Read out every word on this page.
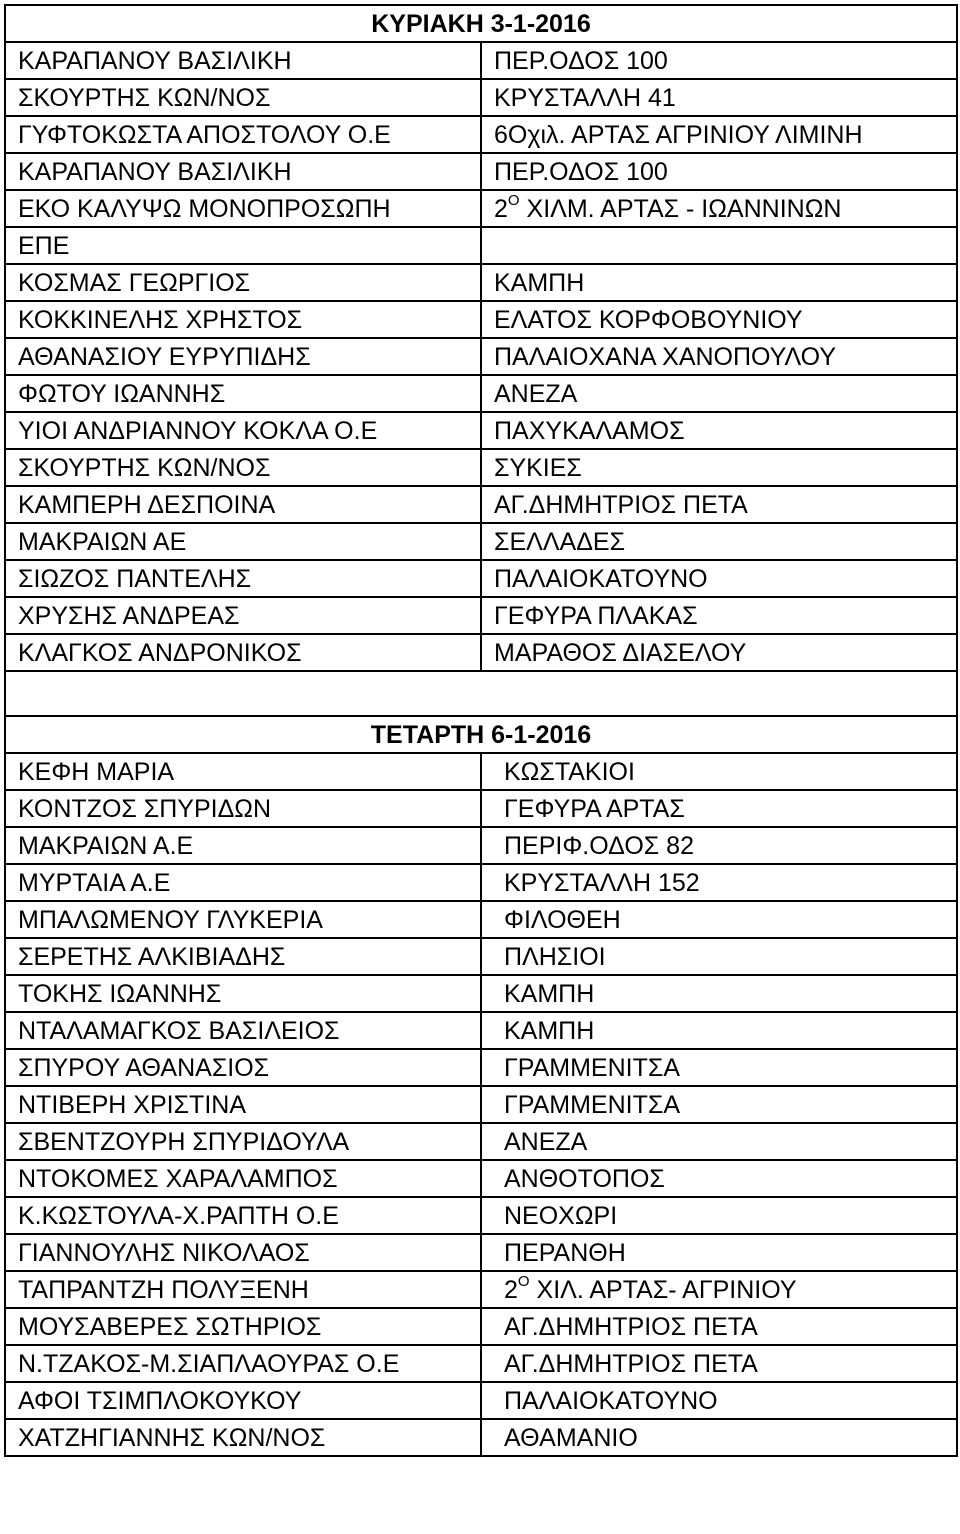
ΚΥΡΙΑΚΗ 3-1-2016	
ΚΑΡΑΠΑΝΟΥ ΒΑΣΙΛΙΚΗ	ΠΕΡ.ΟΔΟΣ 100
ΣΚΟΥΡΤΗΣ ΚΩΝ/ΝΟΣ	ΚΡΥΣΤΑΛΛΗ 41
ΓΥΦΤΟΚΩΣΤΑ ΑΠΟΣΤΟΛΟΥ Ο.Ε	6Οχιλ. ΑΡΤΑΣ ΑΓΡΙΝΙΟΥ ΛΙΜΙΝΗ
ΚΑΡΑΠΑΝΟΥ ΒΑΣΙΛΙΚΗ	ΠΕΡ.ΟΔΟΣ 100
ΕΚΟ ΚΑΛΥΨΩ ΜΟΝΟΠΡΟΣΩΠΗ	$2^O$ ΧΙΛΜ. ΑΡΤΑΣ - ΙΩΑΝΝΙΝΩΝ
ΕΠΕ	
ΚΟΣΜΑΣ ΓΕΩΡΓΙΟΣ	ΚΑΜΠΗ
ΚΟΚΚΙΝΕΛΗΣ ΧΡΗΣΤΟΣ	ΕΛΑΤΟΣ ΚΟΡΦΟΒΟΥΝΙΟΥ
ΑΘΑΝΑΣΙΟΥ ΕΥΡΥΠΙΔΗΣ	ΠΑΛΑΙΟΧΑΝΑ ΧΑΝΟΠΟΥΛΟΥ
ΦΩΤΟΥ ΙΩΑΝΝΗΣ	ΑΝΕΖΑ
ΥΙΟΙ ΑΝΔΡΙΑΝΝΟΥ ΚΟΚΛΑ Ο.Ε	ΠΑΧΥΚΑΛΑΜΟΣ
ΣΚΟΥΡΤΗΣ ΚΩΝ/ΝΟΣ	ΣΥΚΙΕΣ
ΚΑΜΠΕΡΗ ΔΕΣΠΟΙΝΑ	ΑΓ.ΔΗΜΗΤΡΙΟΣ ΠΕΤΑ
ΜΑΚΡΑΙΩΝ ΑΕ	ΣΕΛΛΑΔΕΣ
ΣΙΩΖΟΣ ΠΑΝΤΕΛΗΣ	ΠΑΛΑΙΟΚΑΤΟΥΝΟ
ΧΡΥΣΗΣ ΑΝΔΡΕΑΣ	ΓΕΦΥΡΑ ΠΛΑΚΑΣ
ΚΛΑΓΚΟΣ ΑΝΔΡΟΝΙΚΟΣ	ΜΑΡΑΘΟΣ ΔΙΑΣΕΛΟΥ

ΤΕΤΑΡΤΗ 6-1-2016	
ΚΕΦΗ ΜΑΡΙΑ	ΚΩΣΤΑΚΙΟΙ
ΚΟΝΤΖΟΣ ΣΠΥΡΙΔΩΝ	ΓΕΦΥΡΑ ΑΡΤΑΣ
ΜΑΚΡΑΙΩΝ Α.Ε	ΠΕΡΙΦ.ΟΔΟΣ 82
ΜΥΡΤΑΙΑ Α.Ε	ΚΡΥΣΤΑΛΛΗ 152
ΜΠΑΛΩΜΕΝΟΥ ΓΛΥΚΕΡΙΑ	ΦΙΛΟΘΕΗ
ΣΕΡΕΤΗΣ ΑΛΚΙΒΙΑΔΗΣ	ΠΛΗΣΙΟΙ
ΤΟΚΗΣ ΙΩΑΝΝΗΣ	ΚΑΜΠΗ
ΝΤΑΛΑΜΑΓΚΟΣ ΒΑΣΙΛΕΙΟΣ	ΚΑΜΠΗ
ΣΠΥΡΟΥ ΑΘΑΝΑΣΙΟΣ	ΓΡΑΜΜΕΝΙΤΣΑ
ΝΤΙΒΕΡΗ ΧΡΙΣΤΙΝΑ	ΓΡΑΜΜΕΝΙΤΣΑ
ΣΒΕΝΤΖΟΥΡΗ ΣΠΥΡΙΔΟΥΛΑ	ΑΝΕΖΑ
ΝΤΟΚΟΜΕΣ ΧΑΡΑΛΑΜΠΟΣ	ΑΝΘΟΤΟΠΟΣ
Κ.ΚΩΣΤΟΥΛΑ-Χ.ΡΑΠΤΗ Ο.Ε	ΝΕΟΧΩΡΙ
ΓΙΑΝΝΟΥΛΗΣ ΝΙΚΟΛΑΟΣ	ΠΕΡΑΝΘΗ
ΤΑΠΡΑΝΤΖΗ ΠΟΛΥΞΕΝΗ	$2^O$ ΧΙΛ. ΑΡΤΑΣ- ΑΓΡΙΝΙΟΥ
ΜΟΥΣΑΒΕΡΕΣ ΣΩΤΗΡΙΟΣ	ΑΓ.ΔΗΜΗΤΡΙΟΣ ΠΕΤΑ
Ν.ΤΖΑΚΟΣ-Μ.ΣΙΑΠΛΑΟΥΡΑΣ Ο.Ε	ΑΓ.ΔΗΜΗΤΡΙΟΣ ΠΕΤΑ
ΑΦΟΙ ΤΣΙΜΠΛΟΚΟΥΚΟΥ	ΠΑΛΑΙΟΚΑΤΟΥΝΟ
ΧΑΤΖΗΓΙΑΝΝΗΣ ΚΩΝ/ΝΟΣ	ΑΘΑΜΑΝΙΟ
